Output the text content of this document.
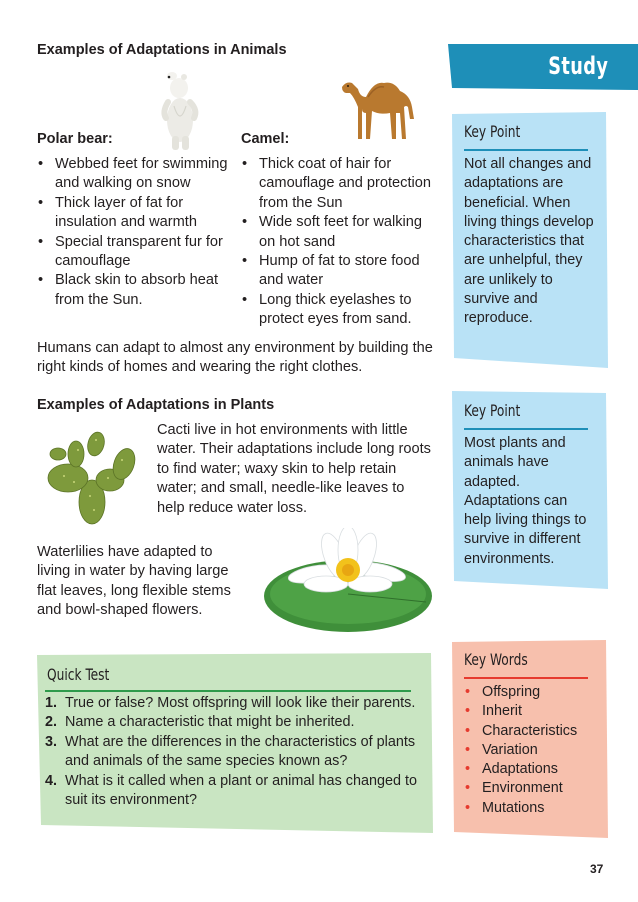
Study
Examples of Adaptations in Animals
Polar bear:
• Webbed feet for swimming and walking on snow
• Thick layer of fat for insulation and warmth
• Special transparent fur for camouflage
• Black skin to absorb heat from the Sun.
Camel:
• Thick coat of hair for camouflage and protection from the Sun
• Wide soft feet for walking on hot sand
• Hump of fat to store food and water
• Long thick eyelashes to protect eyes from sand.
Humans can adapt to almost any environment by building the right kinds of homes and wearing the right clothes.
Examples of Adaptations in Plants
Cacti live in hot environments with little water. Their adaptations include long roots to find water; waxy skin to help retain water; and small, needle-like leaves to help reduce water loss.
Waterlilies have adapted to living in water by having large flat leaves, long flexible stems and bowl-shaped flowers.
Key Point
Not all changes and adaptations are beneficial. When living things develop characteristics that are unhelpful, they are unlikely to survive and reproduce.
Key Point
Most plants and animals have adapted. Adaptations can help living things to survive in different environments.
Key Words
• Offspring
• Inherit
• Characteristics
• Variation
• Adaptations
• Environment
• Mutations
Quick Test
1. True or false? Most offspring will look like their parents.
2. Name a characteristic that might be inherited.
3. What are the differences in the characteristics of plants and animals of the same species known as?
4. What is it called when a plant or animal has changed to suit its environment?
37
